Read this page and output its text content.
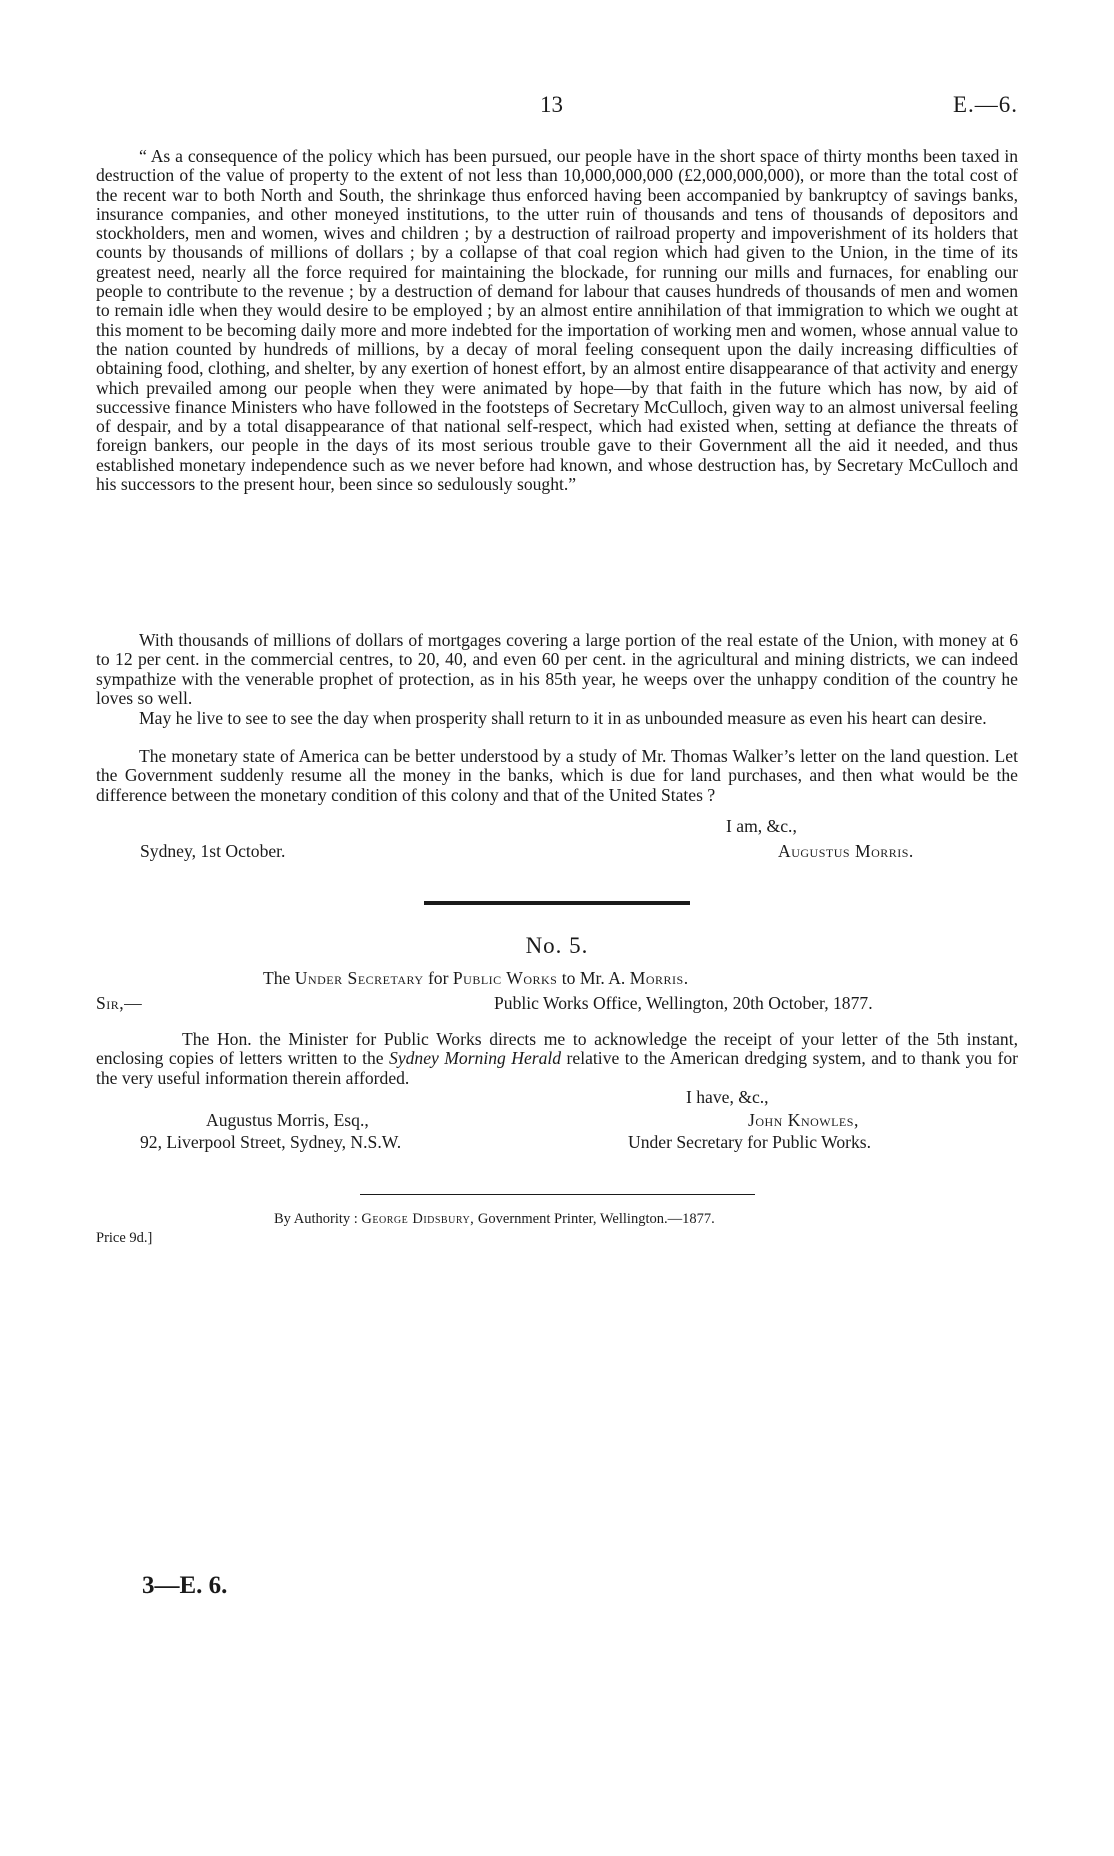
13	E.—6.

“ As a consequence of the policy which has been pursued, our people have in the short space of thirty months been taxed in destruction of the value of property to the extent of not less than 10,000,000,000 (£2,000,000,000), or more than the total cost of the recent war to both North and South, the shrinkage thus enforced having been accompanied by bankruptcy of savings banks, insurance companies, and other moneyed institutions, to the utter ruin of thousands and tens of thousands of depositors and stockholders, men and women, wives and children ; by a destruction of railroad property and impoverishment of its holders that counts by thousands of millions of dollars ; by a collapse of that coal region which had given to the Union, in the time of its greatest need, nearly all the force required for maintaining the blockade, for running our mills and furnaces, for enabling our people to contribute to the revenue ; by a destruction of demand for labour that causes hundreds of thousands of men and women to remain idle when they would desire to be employed ; by an almost entire annihilation of that immigration to which we ought at this moment to be becoming daily more and more indebted for the importation of working men and women, whose annual value to the nation counted by hundreds of millions, by a decay of moral feeling consequent upon the daily increasing difficulties of obtaining food, clothing, and shelter, by any exertion of honest effort, by an almost entire disappearance of that activity and energy which prevailed among our people when they were animated by hope—by that faith in the future which has now, by aid of successive finance Ministers who have followed in the footsteps of Secretary McCulloch, given way to an almost universal feeling of despair, and by a total disappearance of that national self-respect, which had existed when, setting at defiance the threats of foreign bankers, our people in the days of its most serious trouble gave to their Government all the aid it needed, and thus established monetary independence such as we never before had known, and whose destruction has, by Secretary McCulloch and his successors to the present hour, been since so sedulously sought.”

With thousands of millions of dollars of mortgages covering a large portion of the real estate of the Union, with money at 6 to 12 per cent. in the commercial centres, to 20, 40, and even 60 per cent. in the agricultural and mining districts, we can indeed sympathize with the venerable prophet of protection, as in his 85th year, he weeps over the unhappy condition of the country he loves so well.

May he live to see to see the day when prosperity shall return to it in as unbounded measure as even his heart can desire.

The monetary state of America can be better understood by a study of Mr. Thomas Walker’s letter on the land question. Let the Government suddenly resume all the money in the banks, which is due for land purchases, and then what would be the difference between the monetary condition of this colony and that of the United States ?

I am, &c.,
Augustus Morris.
Sydney, 1st October.
No. 5.
The Under Secretary for Public Works to Mr. A. Morris.
Sir,—	Public Works Office, Wellington, 20th October, 1877.

The Hon. the Minister for Public Works directs me to acknowledge the receipt of your letter of the 5th instant, enclosing copies of letters written to the Sydney Morning Herald relative to the American dredging system, and to thank you for the very useful information therein afforded.

I have, &c.,
John Knowles,
Under Secretary for Public Works.
Augustus Morris, Esq.,
92, Liverpool Street, Sydney, N.S.W.
By Authority : George Didsbury, Government Printer, Wellington.—1877.
Price 9d.]
3—E. 6.
